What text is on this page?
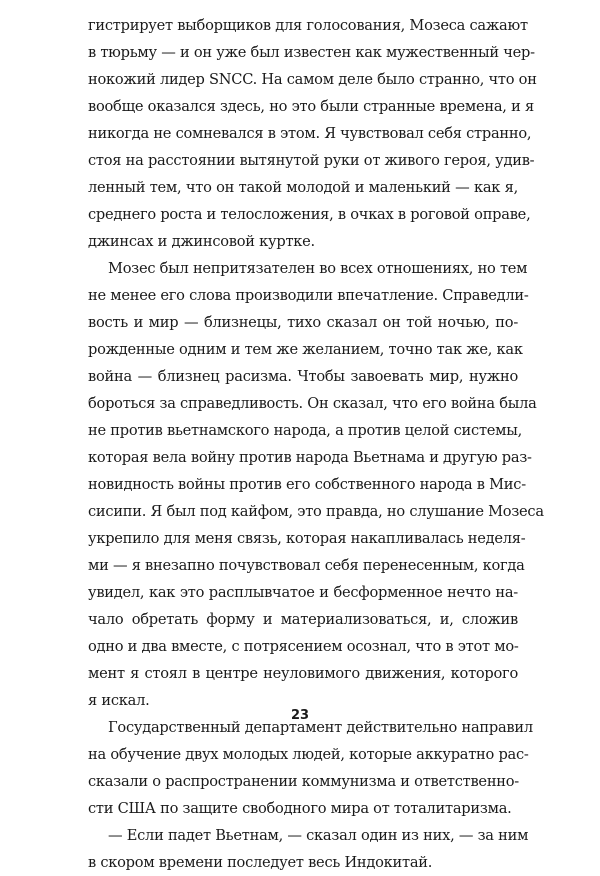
гистрирует выборщиков для голосования, Мозеса сажают
в тюрьму — и он уже был известен как мужественный чер-
нокожий лидер SNCC. На самом деле было странно, что он
вообще оказался здесь, но это были странные времена, и я
никогда не сомневался в этом. Я чувствовал себя странно,
стоя на расстоянии вытянутой руки от живого героя, удив-
ленный тем, что он такой молодой и маленький — как я,
среднего роста и телосложения, в очках в роговой оправе,
джинсах и джинсовой куртке.
Мозес был непритязателен во всех отношениях, но тем
не менее его слова производили впечатление. Справедли-
вость и мир — близнецы, тихо сказал он той ночью, по-
рожденные одним и тем же желанием, точно так же, как
война — близнец расизма. Чтобы завоевать мир, нужно
бороться за справедливость. Он сказал, что его война была
не против вьетнамского народа, а против целой системы,
которая вела войну против народа Вьетнама и другую раз-
новидность войны против его собственного народа в Мис-
сисипи. Я был под кайфом, это правда, но слушание Мозеса
укрепило для меня связь, которая накапливалась неделя-
ми — я внезапно почувствовал себя перенесенным, когда
увидел, как это расплывчатое и бесформенное нечто на-
чало обретать форму и материализоваться, и, сложив
одно и два вместе, с потрясением осознал, что в этот мо-
мент я стоял в центре неуловимого движения, которого
я искал.
Государственный департамент действительно направил
на обучение двух молодых людей, которые аккуратно рас-
сказали о распространении коммунизма и ответственно-
сти США по защите свободного мира от тоталитаризма.
— Если падет Вьетнам, — сказал один из них, — за ним
в скором времени последует весь Индокитай.
23
